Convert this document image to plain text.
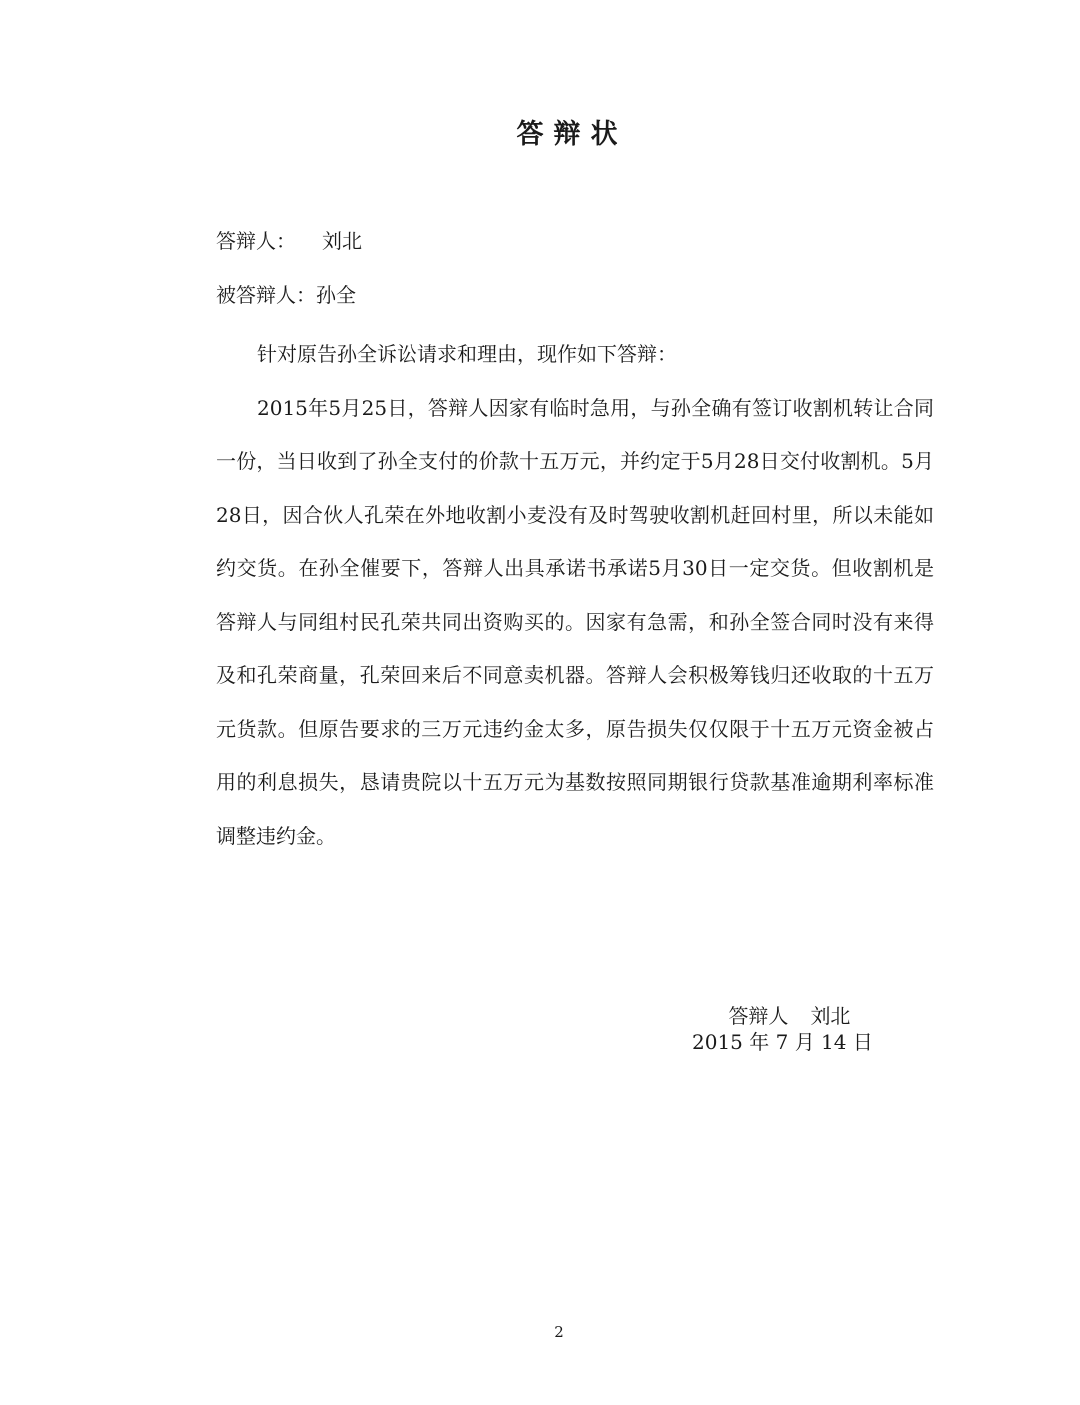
答辩状
答辩人： 刘北
被答辩人：孙全

针对原告孙全诉讼请求和理由，现作如下答辩：

2015年5月25日，答辩人因家有临时急用，与孙全确有签订收割机转让合同一份，当日收到了孙全支付的价款十五万元，并约定于5月28日交付收割机。5月28日，因合伙人孔荣在外地收割小麦没有及时驾驶收割机赶回村里，所以未能如约交货。在孙全催要下，答辩人出具承诺书承诺5月30日一定交货。但收割机是答辩人与同组村民孔荣共同出资购买的。因家有急需，和孙全签合同时没有来得及和孔荣商量，孔荣回来后不同意卖机器。答辩人会积极筹钱归还收取的十五万元货款。但原告要求的三万元违约金太多，原告损失仅仅限于十五万元资金被占用的利息损失，恳请贵院以十五万元为基数按照同期银行贷款基准逾期利率标准调整违约金。

答辩人 刘北

2015 年 7 月 14 日
2
